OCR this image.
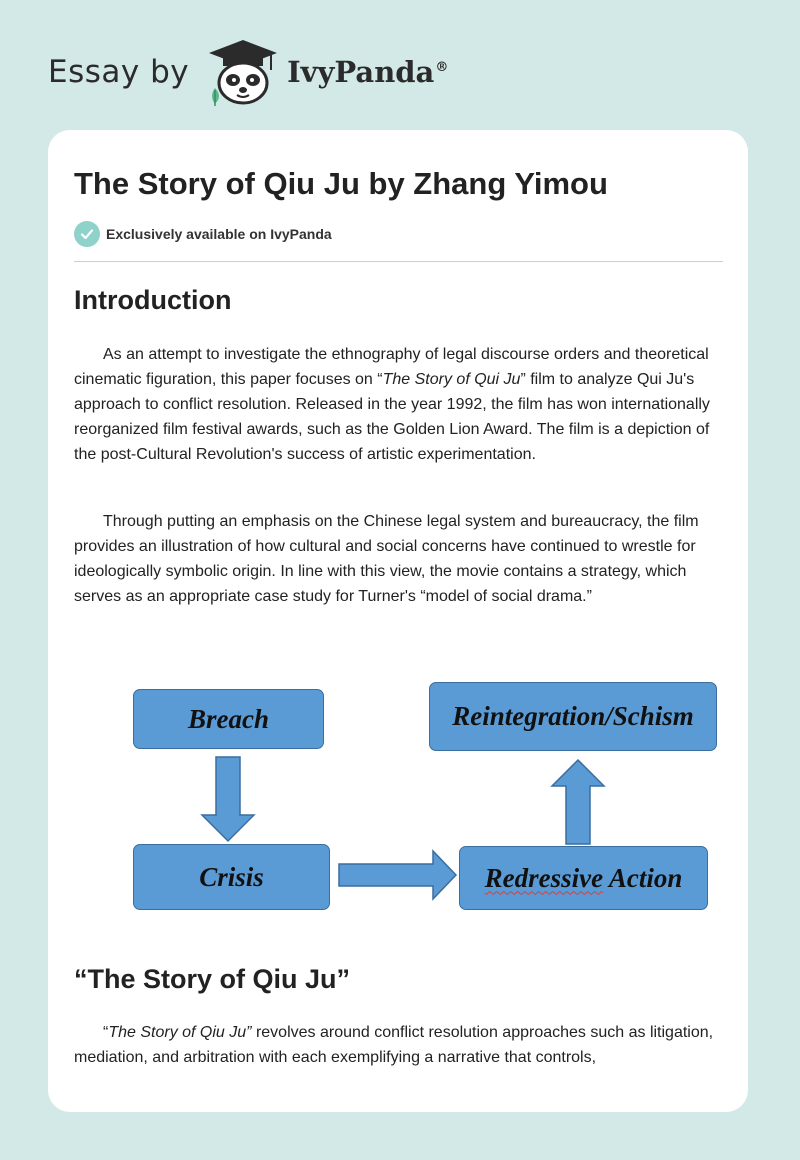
Essay by	IvyPanda®
The Story of Qiu Ju by Zhang Yimou
Exclusively available on IvyPanda
Introduction

As an attempt to investigate the ethnography of legal discourse orders and theoretical cinematic figuration, this paper focuses on “The Story of Qui Ju” film to analyze Qui Ju's approach to conflict resolution. Released in the year 1992, the film has won internationally reorganized film festival awards, such as the Golden Lion Award. The film is a depiction of the post-Cultural Revolution's success of artistic experimentation.

Through putting an emphasis on the Chinese legal system and bureaucracy, the film provides an illustration of how cultural and social concerns have continued to wrestle for ideologically symbolic origin. In line with this view, the movie contains a strategy, which serves as an appropriate case study for Turner's “model of social drama.”

Breach	Reintegration/Schism
Crisis	Redressive Action
“The Story of Qiu Ju”

“The Story of Qiu Ju” revolves around conflict resolution approaches such as litigation, mediation, and arbitration with each exemplifying a narrative that controls,
